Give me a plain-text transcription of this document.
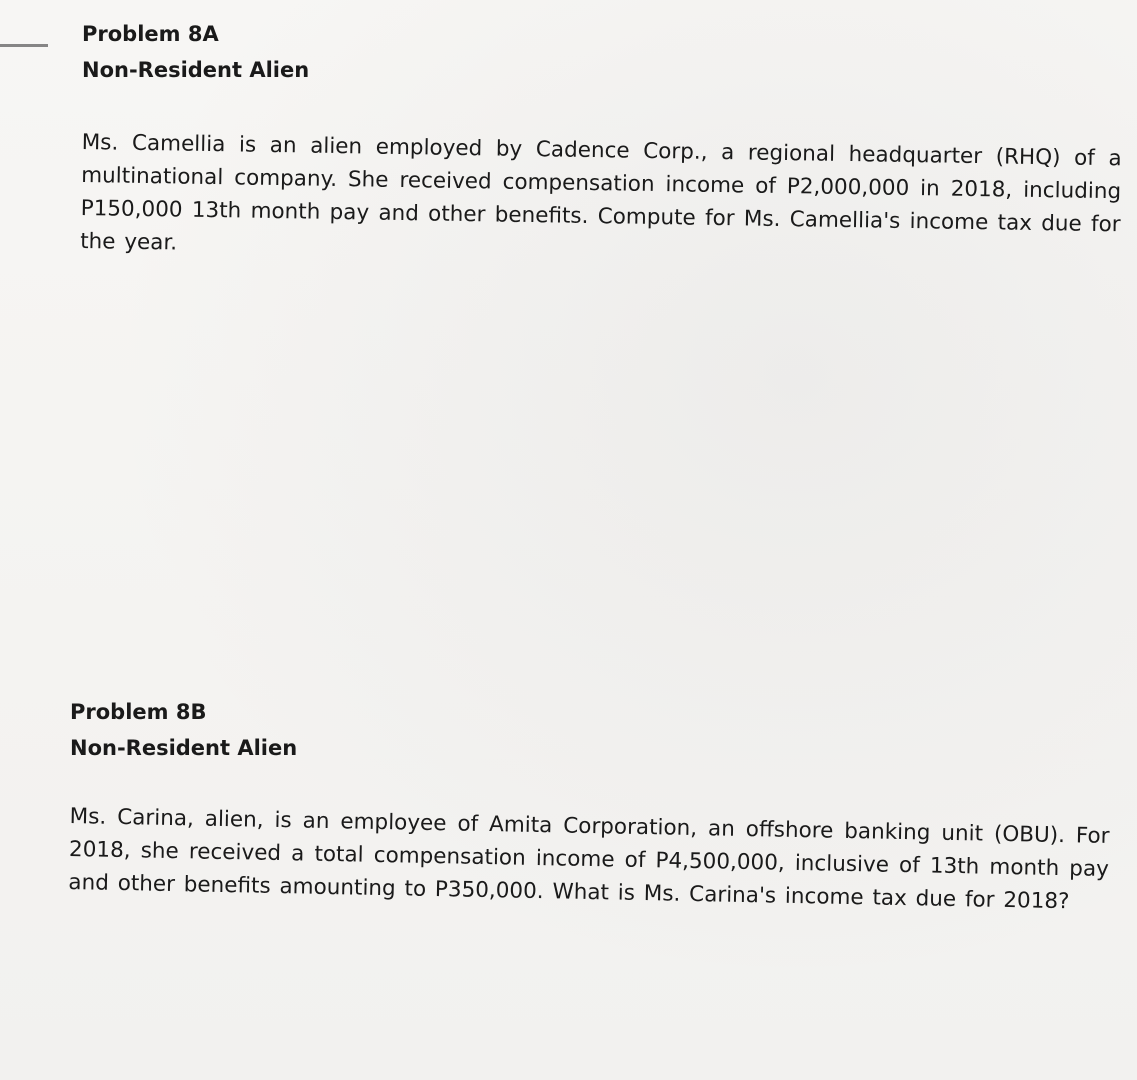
Problem 8A
Non-Resident Alien

Ms. Camellia is an alien employed by Cadence Corp., a regional headquarter (RHQ) of a multinational company. She received compensation income of P2,000,000 in 2018, including P150,000 13th month pay and other benefits. Compute for Ms. Camellia's income tax due for the year.

Problem 8B
Non-Resident Alien

Ms. Carina, alien, is an employee of Amita Corporation, an offshore banking unit (OBU). For 2018, she received a total compensation income of P4,500,000, inclusive of 13th month pay and other benefits amounting to P350,000. What is Ms. Carina's income tax due for 2018?
